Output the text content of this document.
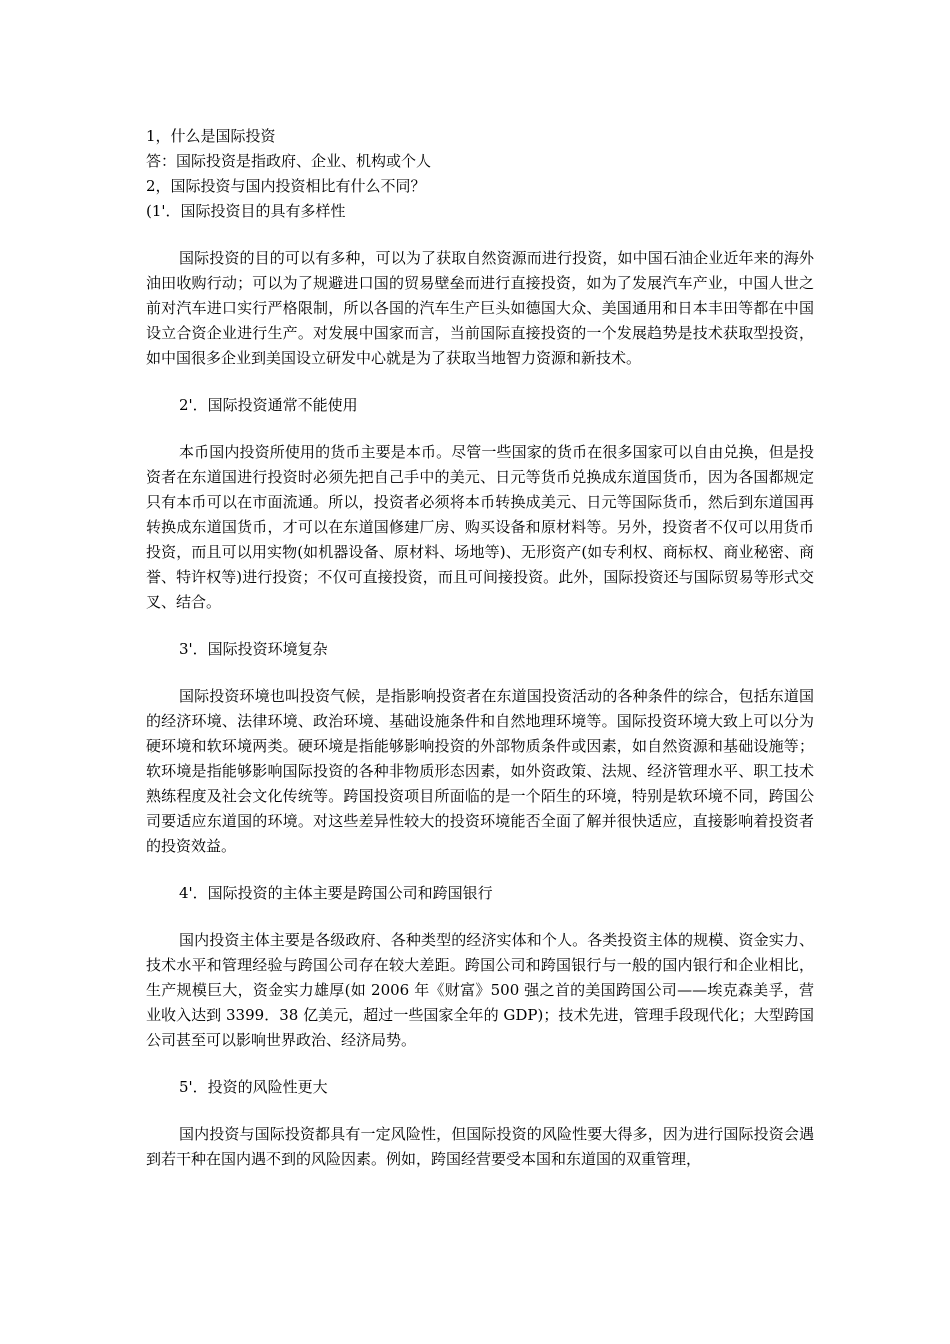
1，什么是国际投资

答：国际投资是指政府、企业、机构或个人

2，国际投资与国内投资相比有什么不同？

(1'．国际投资目的具有多样性

国际投资的目的可以有多种，可以为了获取自然资源而进行投资，如中国石油企业近年来的海外油田收购行动；可以为了规避进口国的贸易壁垒而进行直接投资，如为了发展汽车产业，中国人世之前对汽车进口实行严格限制，所以各国的汽车生产巨头如德国大众、美国通用和日本丰田等都在中国设立合资企业进行生产。对发展中国家而言，当前国际直接投资的一个发展趋势是技术获取型投资，如中国很多企业到美国设立研发中心就是为了获取当地智力资源和新技术。

2'．国际投资通常不能使用

本币国内投资所使用的货币主要是本币。尽管一些国家的货币在很多国家可以自由兑换，但是投资者在东道国进行投资时必须先把自己手中的美元、日元等货币兑换成东道国货币，因为各国都规定只有本币可以在市面流通。所以，投资者必须将本币转换成美元、日元等国际货币，然后到东道国再转换成东道国货币，才可以在东道国修建厂房、购买设备和原材料等。另外，投资者不仅可以用货币投资，而且可以用实物(如机器设备、原材料、场地等)、无形资产(如专利权、商标权、商业秘密、商誉、特许权等)进行投资；不仅可直接投资，而且可间接投资。此外，国际投资还与国际贸易等形式交叉、结合。

3'．国际投资环境复杂

国际投资环境也叫投资气候，是指影响投资者在东道国投资活动的各种条件的综合，包括东道国的经济环境、法律环境、政治环境、基础设施条件和自然地理环境等。国际投资环境大致上可以分为硬环境和软环境两类。硬环境是指能够影响投资的外部物质条件或因素，如自然资源和基础设施等；软环境是指能够影响国际投资的各种非物质形态因素，如外资政策、法规、经济管理水平、职工技术熟练程度及社会文化传统等。跨国投资项目所面临的是一个陌生的环境，特别是软环境不同，跨国公司要适应东道国的环境。对这些差异性较大的投资环境能否全面了解并很快适应，直接影响着投资者的投资效益。

4'．国际投资的主体主要是跨国公司和跨国银行

国内投资主体主要是各级政府、各种类型的经济实体和个人。各类投资主体的规模、资金实力、技术水平和管理经验与跨国公司存在较大差距。跨国公司和跨国银行与一般的国内银行和企业相比，生产规模巨大，资金实力雄厚(如 2006 年《财富》500 强之首的美国跨国公司——埃克森美孚，营业收入达到 3399．38 亿美元，超过一些国家全年的 GDP)；技术先进，管理手段现代化；大型跨国公司甚至可以影响世界政治、经济局势。

5'．投资的风险性更大

国内投资与国际投资都具有一定风险性，但国际投资的风险性要大得多，因为进行国际投资会遇到若干种在国内遇不到的风险因素。例如，跨国经营要受本国和东道国的双重管理，
